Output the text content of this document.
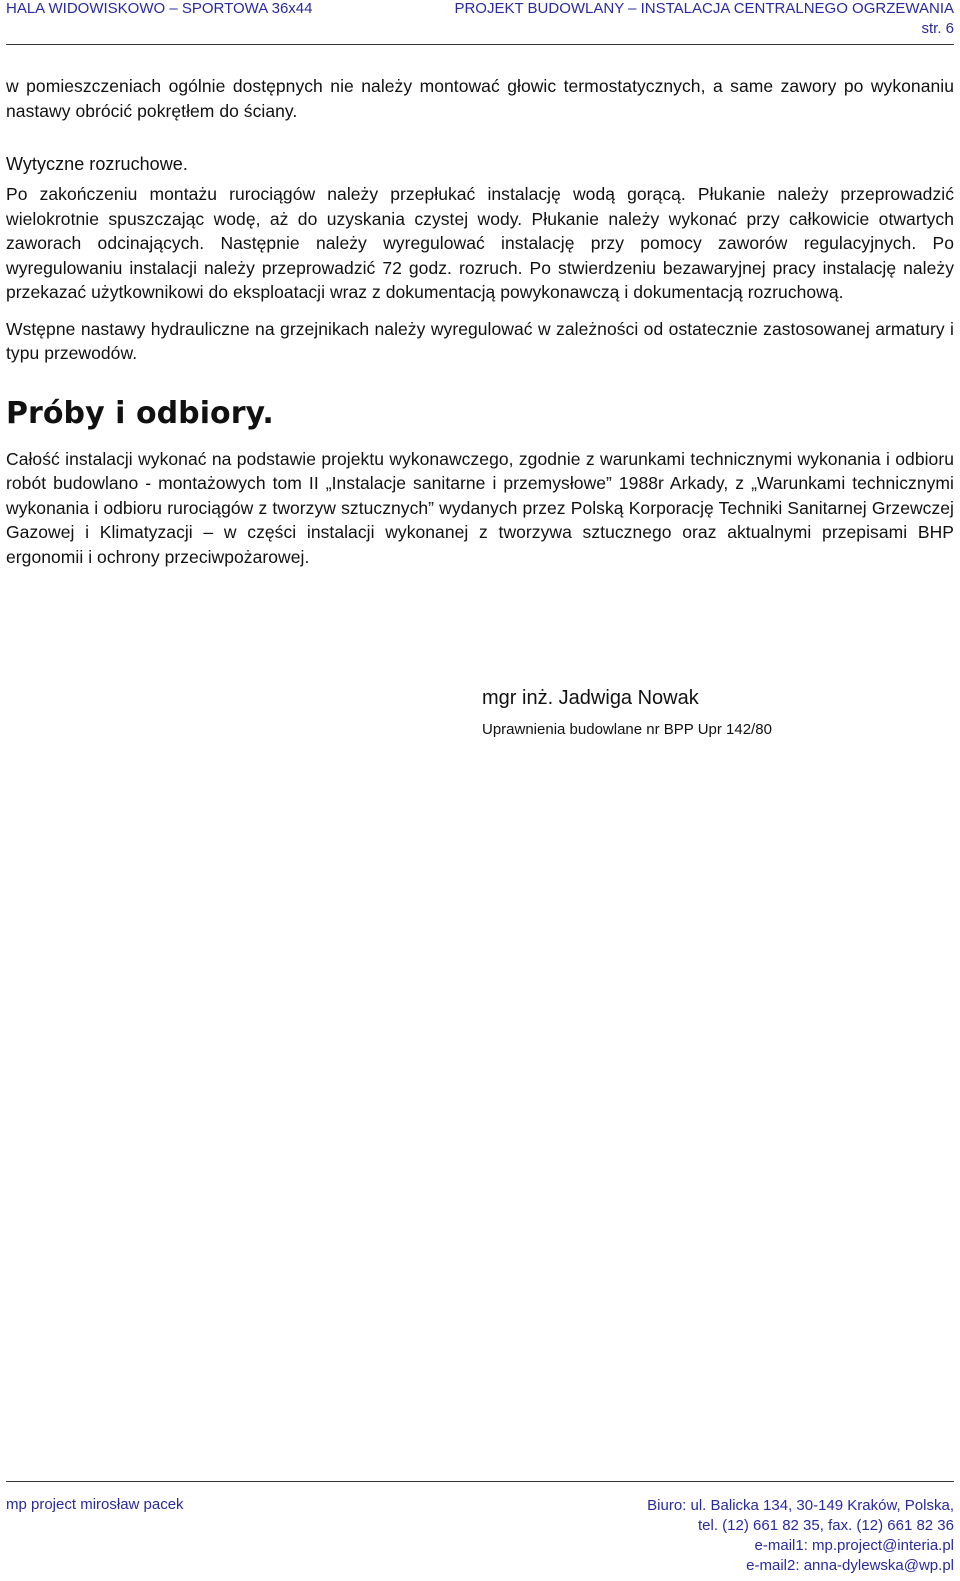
HALA WIDOWISKOWO – SPORTOWA 36x44	PROJEKT BUDOWLANY – INSTALACJA CENTRALNEGO OGRZEWANIA
str. 6

w pomieszczeniach ogólnie dostępnych nie należy montować głowic termostatycznych, a same zawory po wykonaniu nastawy obrócić pokrętłem do ściany.

Wytyczne rozruchowe.

Po zakończeniu montażu rurociągów należy przepłukać instalację wodą gorącą. Płukanie należy przeprowadzić wielokrotnie spuszczając wodę, aż do uzyskania czystej wody. Płukanie należy wykonać przy całkowicie otwartych zaworach odcinających. Następnie należy wyregulować instalację przy pomocy zaworów regulacyjnych. Po wyregulowaniu instalacji należy przeprowadzić 72 godz. rozruch. Po stwierdzeniu bezawaryjnej pracy instalację należy przekazać użytkownikowi do eksploatacji wraz z dokumentacją powykonawczą i dokumentacją rozruchową.

Wstępne nastawy hydrauliczne na grzejnikach należy wyregulować w zależności od ostatecznie zastosowanej armatury i typu przewodów.

Próby i odbiory.

Całość instalacji wykonać na podstawie projektu wykonawczego, zgodnie z warunkami technicznymi wykonania i odbioru robót budowlano - montażowych tom II „Instalacje sanitarne i przemysłowe” 1988r Arkady, z „Warunkami technicznymi wykonania i odbioru rurociągów z tworzyw sztucznych” wydanych przez Polską Korporację Techniki Sanitarnej Grzewczej Gazowej i Klimatyzacji – w części instalacji wykonanej z tworzywa sztucznego oraz aktualnymi przepisami BHP ergonomii i ochrony przeciwpożarowej.

mgr inż. Jadwiga Nowak
Uprawnienia budowlane nr BPP Upr 142/80
mp project mirosław pacek	Biuro: ul. Balicka 134, 30-149 Kraków, Polska,
tel. (12) 661 82 35, fax. (12) 661 82 36
e-mail1: mp.project@interia.pl
e-mail2: anna-dylewska@wp.pl
